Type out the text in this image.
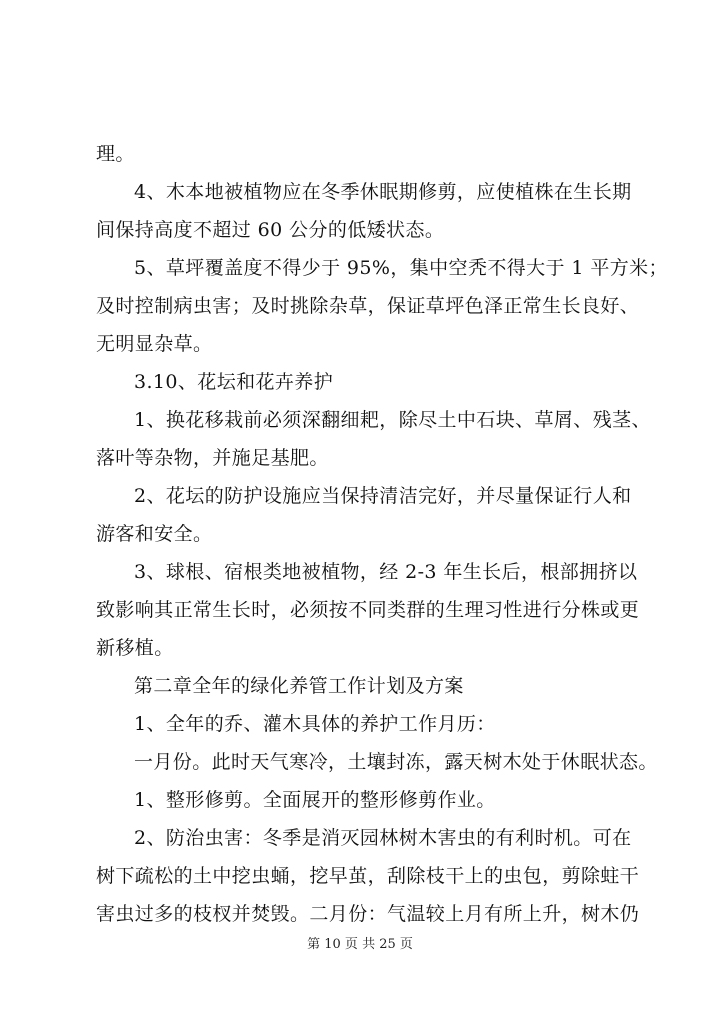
理。
4、木本地被植物应在冬季休眠期修剪，应使植株在生长期
间保持高度不超过 60 公分的低矮状态。
5、草坪覆盖度不得少于 95%，集中空秃不得大于 1 平方米；
及时控制病虫害；及时挑除杂草，保证草坪色泽正常生长良好、
无明显杂草。
3.10、花坛和花卉养护
1、换花移栽前必须深翻细耙，除尽土中石块、草屑、残茎、
落叶等杂物，并施足基肥。
2、花坛的防护设施应当保持清洁完好，并尽量保证行人和
游客和安全。
3、球根、宿根类地被植物，经 2-3 年生长后，根部拥挤以
致影响其正常生长时，必须按不同类群的生理习性进行分株或更
新移植。
第二章全年的绿化养管工作计划及方案
1、全年的乔、灌木具体的养护工作月历：
一月份。此时天气寒冷，土壤封冻，露天树木处于休眠状态。
1、整形修剪。全面展开的整形修剪作业。
2、防治虫害：冬季是消灭园林树木害虫的有利时机。可在
树下疏松的土中挖虫蛹，挖早茧，刮除枝干上的虫包，剪除蛀干
害虫过多的枝杈并焚毁。二月份：气温较上月有所上升，树木仍
第 10 页 共 25 页
